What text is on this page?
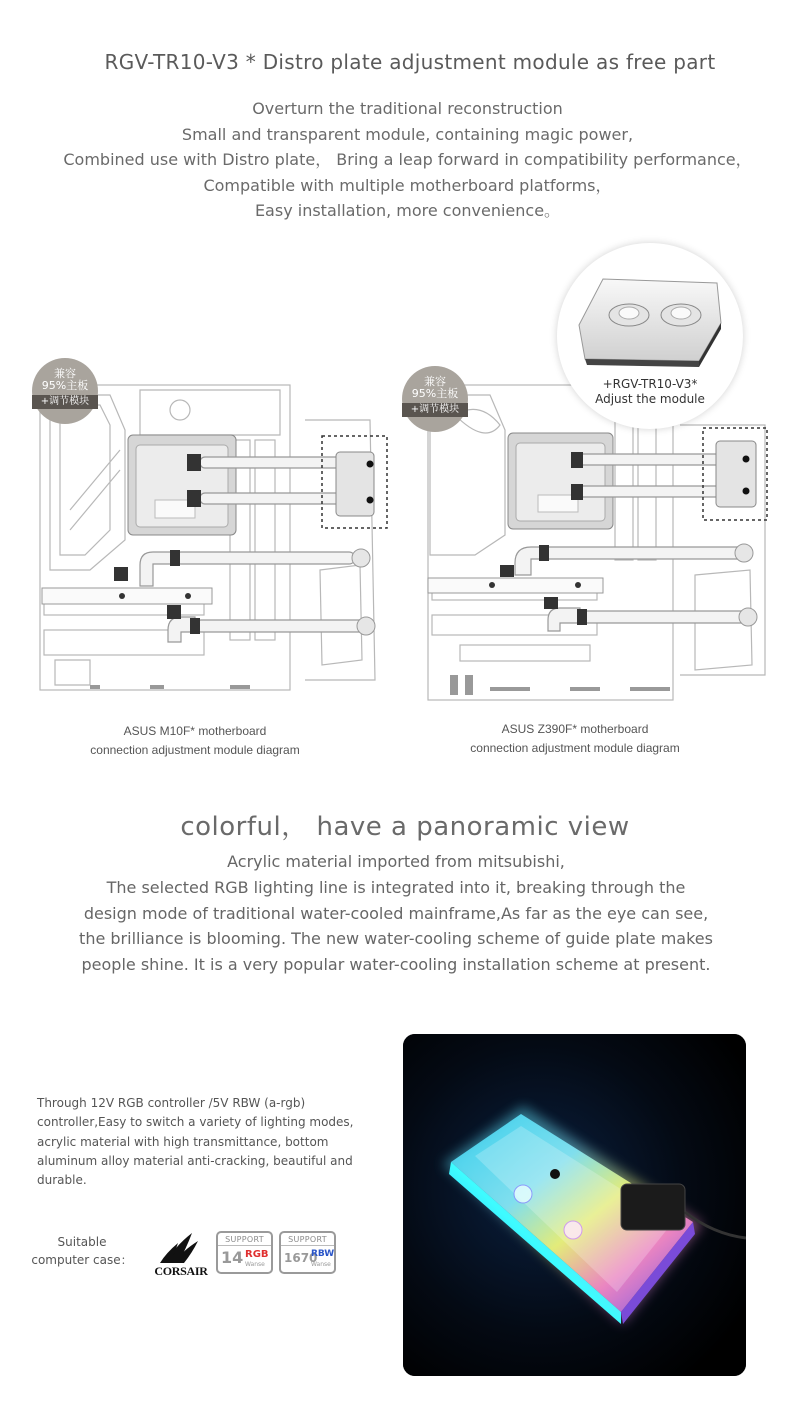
RGV-TR10-V3 * Distro plate adjustment module as free part

Overturn the traditional reconstruction

Small and transparent module, containing magic power,

Combined use with Distro plate， Bring a leap forward in compatibility performance，

Compatible with multiple motherboard platforms，

Easy installation, more convenience。

兼容
95%主板
+调节模块
兼容
95%主板
+调节模块
+RGV-TR10-V3*
Adjust the module
ASUS M10F* motherboard
connection adjustment module diagram
ASUS Z390F* motherboard
connection adjustment module diagram
colorful， have a panoramic view

Acrylic material imported from mitsubishi,

The selected RGB lighting line is integrated into it, breaking through the

design mode of traditional water-cooled mainframe,As far as the eye can see,

the brilliance is blooming. The new water-cooling scheme of guide plate makes

people shine. It is a very popular water-cooling installation scheme at present.

Through 12V RGB controller /5V RBW (a-rgb)
controller,Easy to switch a variety of lighting modes,
acrylic material with high transmittance, bottom
aluminum alloy material anti-cracking, beautiful and
durable.
Suitable
computer case：
CORSAIR
SUPPORT
14 RGB
Wanse
SUPPORT
1670
RBW
Wanse
